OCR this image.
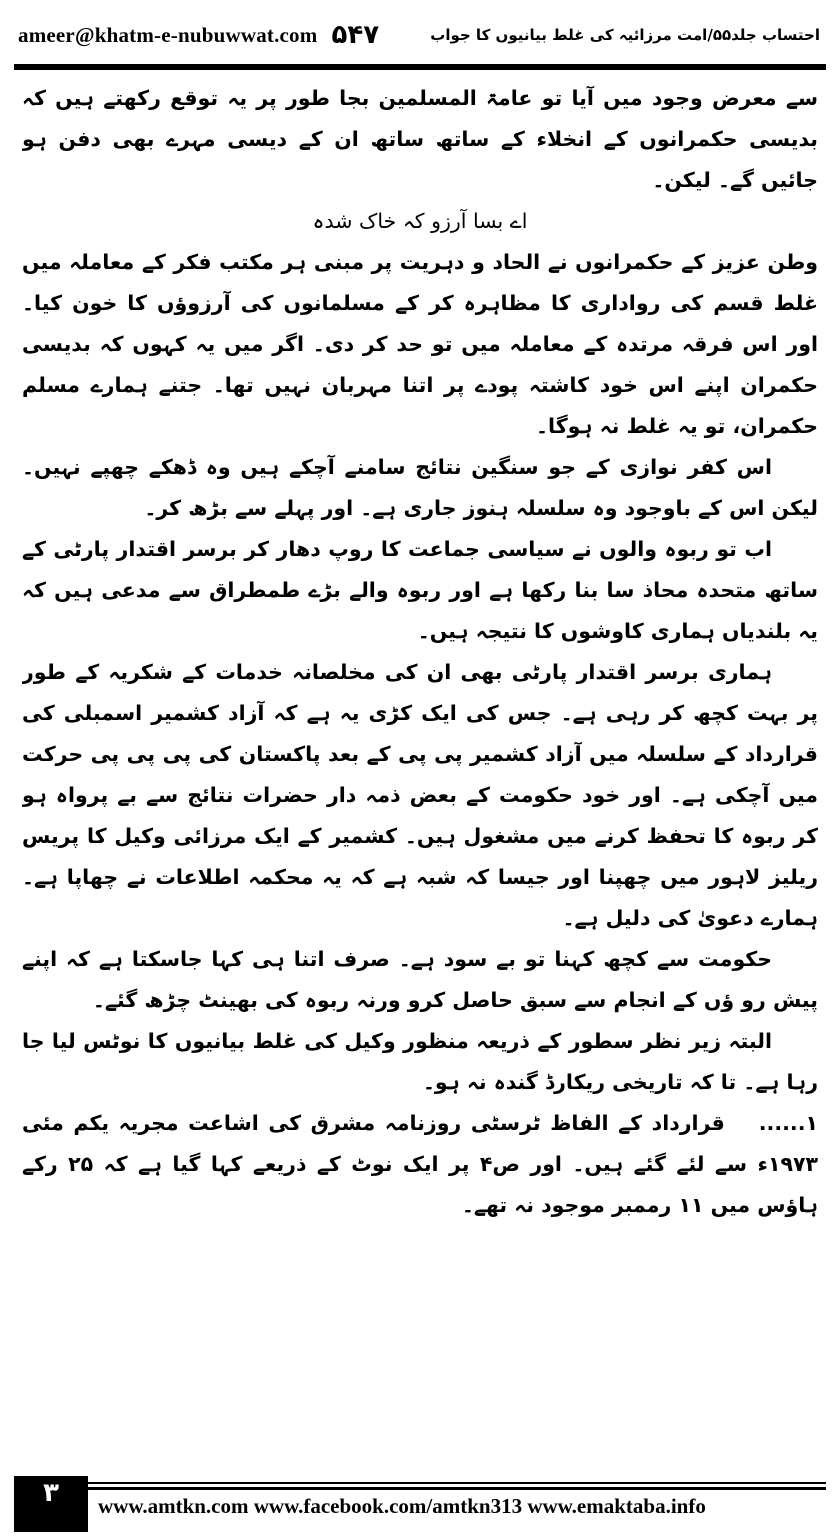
ameer@khatm-e-nubuwwat.com ۵۴۷	احتساب جلد۵۵/امت مرزائیہ کی غلط بیانیوں کا جواب

سے معرض وجود میں آیا تو عامۃ المسلمین بجا طور پر یہ توقع رکھتے ہیں کہ بدیسی حکمرانوں کے انخلاء کے ساتھ ساتھ ان کے دیسی مہرے بھی دفن ہو جائیں گے۔ لیکن۔

اے بسا آرزو کہ خاک شدہ

وطن عزیز کے حکمرانوں نے الحاد و دہریت پر مبنی ہر مکتب فکر کے معاملہ میں غلط قسم کی رواداری کا مظاہرہ کر کے مسلمانوں کی آرزوؤں کا خون کیا۔ اور اس فرقہ مرتدہ کے معاملہ میں تو حد کر دی۔ اگر میں یہ کہوں کہ بدیسی حکمران اپنے اس خود کاشتہ پودے پر اتنا مہربان نہیں تھا۔ جتنے ہمارے مسلم حکمران، تو یہ غلط نہ ہوگا۔

اس کفر نوازی کے جو سنگین نتائج سامنے آچکے ہیں وہ ڈھکے چھپے نہیں۔ لیکن اس کے باوجود وہ سلسلہ ہنوز جاری ہے۔ اور پہلے سے بڑھ کر۔

اب تو ربوہ والوں نے سیاسی جماعت کا روپ دھار کر برسر اقتدار پارٹی کے ساتھ متحدہ محاذ سا بنا رکھا ہے اور ربوہ والے بڑے طمطراق سے مدعی ہیں کہ یہ بلندیاں ہماری کاوشوں کا نتیجہ ہیں۔

ہماری برسر اقتدار پارٹی بھی ان کی مخلصانہ خدمات کے شکریہ کے طور پر بہت کچھ کر رہی ہے۔ جس کی ایک کڑی یہ ہے کہ آزاد کشمیر اسمبلی کی قرارداد کے سلسلہ میں آزاد کشمیر پی پی کے بعد پاکستان کی پی پی پی حرکت میں آچکی ہے۔ اور خود حکومت کے بعض ذمہ دار حضرات نتائج سے بے پرواہ ہو کر ربوہ کا تحفظ کرنے میں مشغول ہیں۔ کشمیر کے ایک مرزائی وکیل کا پریس ریلیز لاہور میں چھپنا اور جیسا کہ شبہ ہے کہ یہ محکمہ اطلاعات نے چھاپا ہے۔ ہمارے دعویٰ کی دلیل ہے۔

حکومت سے کچھ کہنا تو بے سود ہے۔ صرف اتنا ہی کہا جاسکتا ہے کہ اپنے پیش رو ؤں کے انجام سے سبق حاصل کرو ورنہ ربوہ کی بھینٹ چڑھ گئے۔

البتہ زیر نظر سطور کے ذریعہ منظور وکیل کی غلط بیانیوں کا نوٹس لیا جا رہا ہے۔ تا کہ تاریخی ریکارڈ گندہ نہ ہو۔

۱......قرارداد کے الفاظ ٹرسٹی روزنامہ مشرق کی اشاعت مجریہ یکم مئی ۱۹۷۳ء سے لئے گئے ہیں۔ اور ص۴ پر ایک نوٹ کے ذریعے کہا گیا ہے کہ ۲۵ رکے ہاؤس میں ۱۱ رممبر موجود نہ تھے۔

۳	www.amtkn.com www.facebook.com/amtkn313 www.emaktaba.info
